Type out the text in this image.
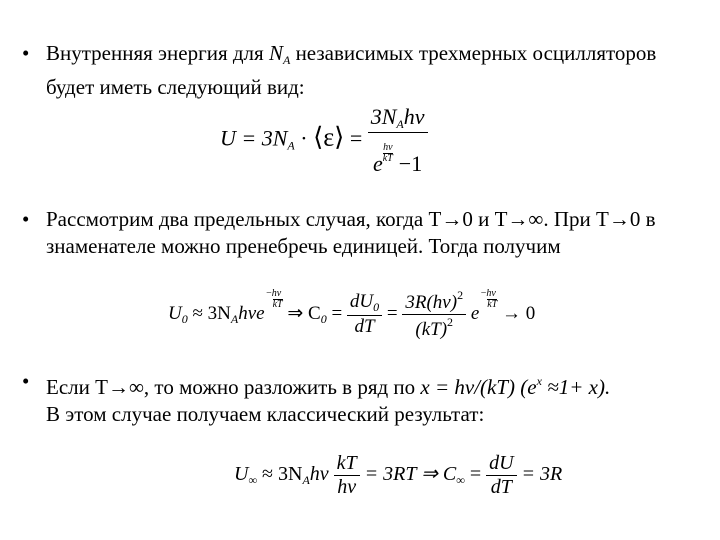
• Внутренняя энергия для $N_A$ независимых трехмерных осцилляторов будет иметь следующий вид:
$U = 3N_A$ · ⟨ε⟩ = $\frac{3N_Ah\nu}{e \frac{h\nu}{kT} -1}$
• Рассмотрим два предельных случая, когда T→0 и T→∞. При T→0 в знаменателе можно пренебречь единицей. Тогда получим
$U_0 \approx 3N_Ah\nu e$
$\frac{-h\nu}{kT}$
⇒ $C_0 = \frac{dU_0}{dT} = \frac{3R(h\nu)^2}{(kT)^2}$ e
$\frac{-h\nu}{kT}$
→ 0
• Если T→∞, то можно разложить в ряд по x = hν/(kT) $(e^x \approx 1+ x)$.
В этом случае получаем классический результат:
$U_\infty \approx 3N_Ah\nu \frac{kT}{h\nu} = 3RT$ ⇒ $C_\infty = \frac{dU}{dT} = 3R$
